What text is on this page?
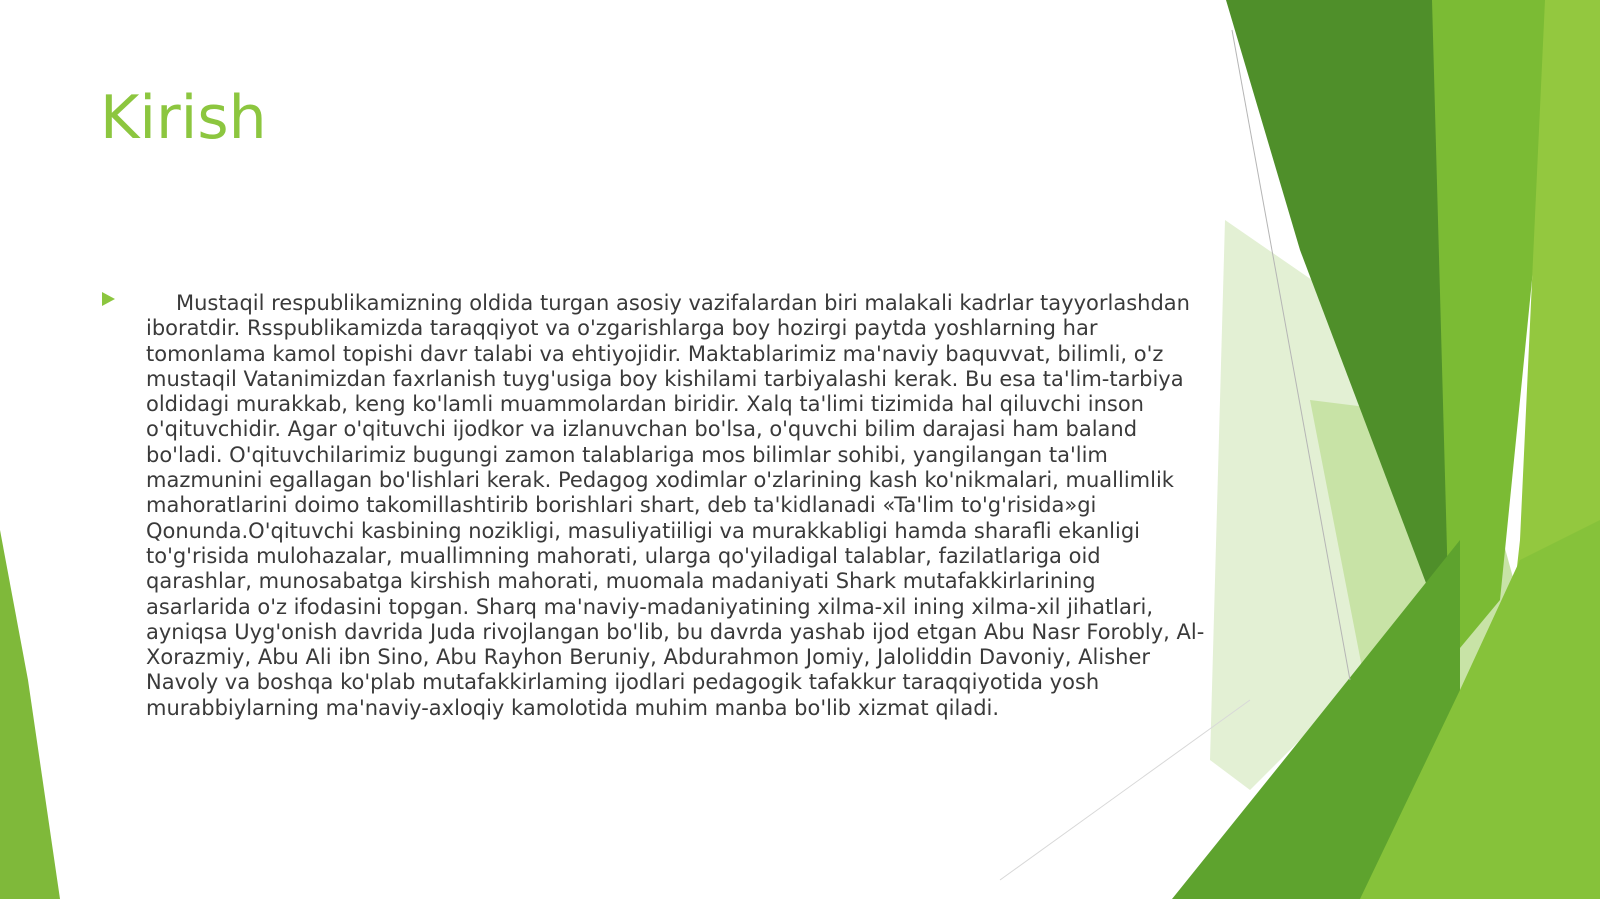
Kirish

Mustaqil respublikamizning oldida turgan asosiy vazifalardan biri malakali kadrlar tayyorlashdan iboratdir. Rsspublikamizda taraqqiyot va o'zgarishlarga boy hozirgi paytda yoshlarning har tomonlama kamol topishi davr talabi va ehtiyojidir. Maktablarimiz ma'naviy baquvvat, bilimli, o'z mustaqil Vatanimizdan faxrlanish tuyg'usiga boy kishilami tarbiyalashi kerak. Bu esa ta'lim-tarbiya oldidagi murakkab, keng ko'lamli muammolardan biridir. Xalq ta'limi tizimida hal qiluvchi inson o'qituvchidir. Agar o'qituvchi ijodkor va izlanuvchan bo'lsa, o'quvchi bilim darajasi ham baland bo'ladi. O'qituvchilarimiz bugungi zamon talablariga mos bilimlar sohibi, yangilangan ta'lim mazmunini egallagan bo'lishlari kerak. Pedagog xodimlar o'zlarining kash ko'nikmalari, muallimlik mahoratlarini doimo takomillashtirib borishlari shart, deb ta'kidlanadi «Ta'lim to'g'risida»gi Qonunda.O'qituvchi kasbining nozikligi, masuliyatiiligi va murakkabligi hamda sharafli ekanligi to'g'risida mulohazalar, muallimning mahorati, ularga qo'yiladigal talablar, fazilatlariga oid qarashlar, munosabatga kirshish mahorati, muomala madaniyati Shark mutafakkirlarining asarlarida o'z ifodasini topgan. Sharq ma'naviy-madaniyatining xilma-xil ining xilma-xil jihatlari, ayniqsa Uyg'onish davrida Juda rivojlangan bo'lib, bu davrda yashab ijod etgan Abu Nasr Forobly, Al-Xorazmiy, Abu Ali ibn Sino, Abu Rayhon Beruniy, Abdurahmon Jomiy, Jaloliddin Davoniy, Alisher Navoly va boshqa ko'plab mutafakkirlaming ijodlari pedagogik tafakkur taraqqiyotida yosh murabbiylarning ma'naviy-axloqiy kamolotida muhim manba bo'lib xizmat qiladi.
